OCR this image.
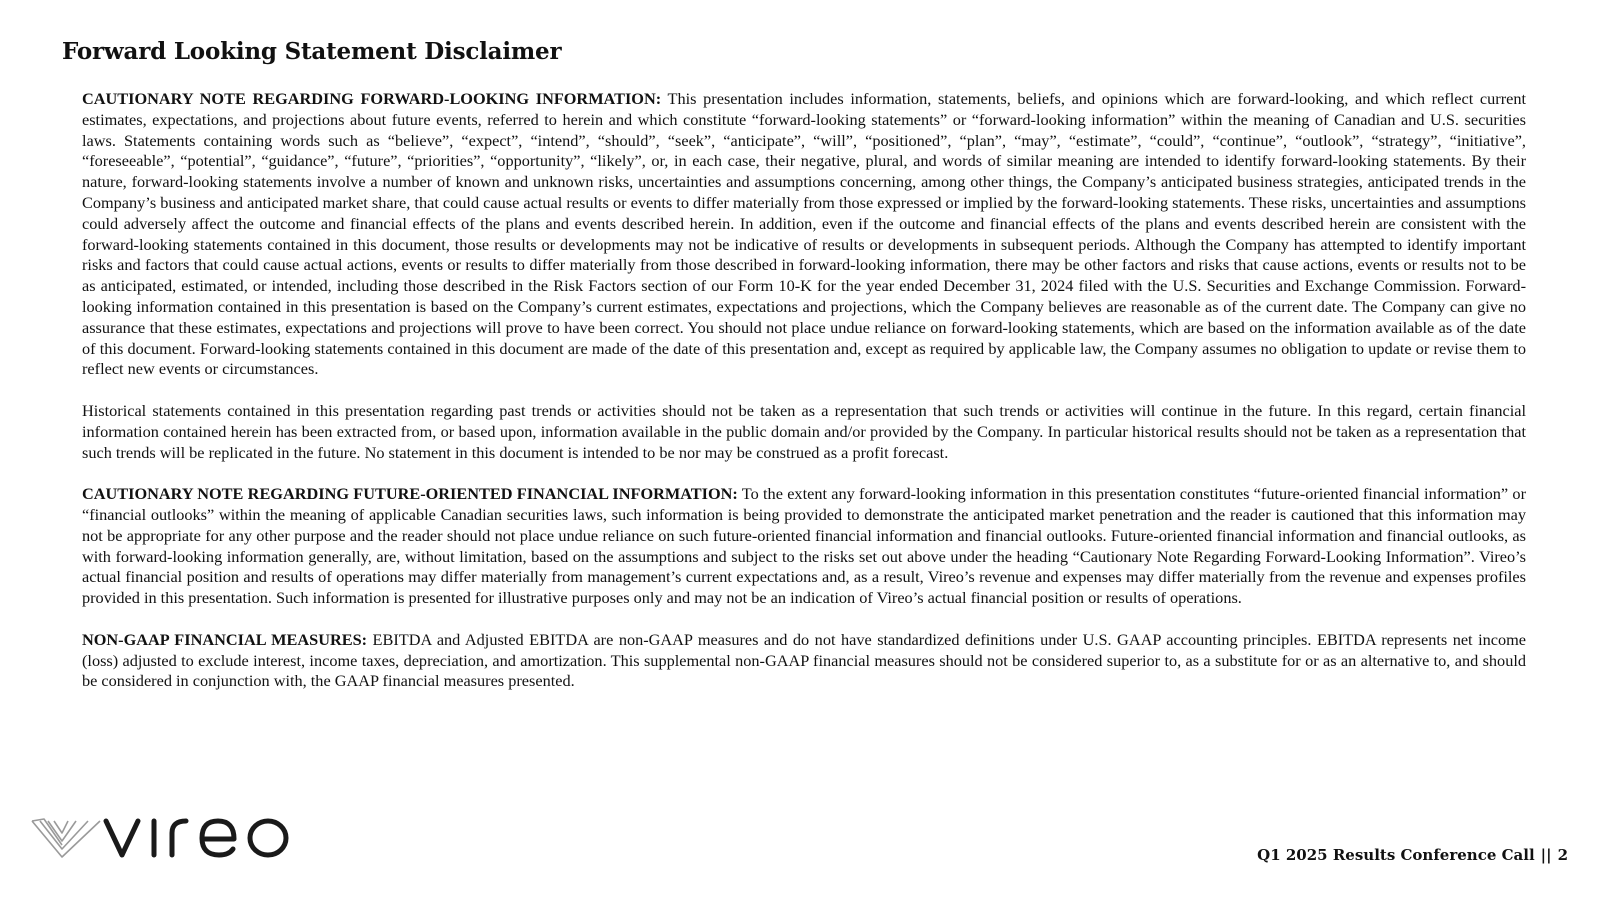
Forward Looking Statement Disclaimer

CAUTIONARY NOTE REGARDING FORWARD-LOOKING INFORMATION: This presentation includes information, statements, beliefs, and opinions which are forward-looking, and which reflect current estimates, expectations, and projections about future events, referred to herein and which constitute “forward-looking statements” or “forward-looking information” within the meaning of Canadian and U.S. securities laws. Statements containing words such as “believe”, “expect”, “intend”, “should”, “seek”, “anticipate”, “will”, “positioned”, “plan”, “may”, “estimate”, “could”, “continue”, “outlook”, “strategy”, “initiative”, “foreseeable”, “potential”, “guidance”, “future”, “priorities”, “opportunity”, “likely”, or, in each case, their negative, plural, and words of similar meaning are intended to identify forward-looking statements. By their nature, forward-looking statements involve a number of known and unknown risks, uncertainties and assumptions concerning, among other things, the Company’s anticipated business strategies, anticipated trends in the Company’s business and anticipated market share, that could cause actual results or events to differ materially from those expressed or implied by the forward-looking statements. These risks, uncertainties and assumptions could adversely affect the outcome and financial effects of the plans and events described herein. In addition, even if the outcome and financial effects of the plans and events described herein are consistent with the forward-looking statements contained in this document, those results or developments may not be indicative of results or developments in subsequent periods. Although the Company has attempted to identify important risks and factors that could cause actual actions, events or results to differ materially from those described in forward-looking information, there may be other factors and risks that cause actions, events or results not to be as anticipated, estimated, or intended, including those described in the Risk Factors section of our Form 10-K for the year ended December 31, 2024 filed with the U.S. Securities and Exchange Commission. Forward-looking information contained in this presentation is based on the Company’s current estimates, expectations and projections, which the Company believes are reasonable as of the current date. The Company can give no assurance that these estimates, expectations and projections will prove to have been correct. You should not place undue reliance on forward-looking statements, which are based on the information available as of the date of this document. Forward-looking statements contained in this document are made of the date of this presentation and, except as required by applicable law, the Company assumes no obligation to update or revise them to reflect new events or circumstances.

Historical statements contained in this presentation regarding past trends or activities should not be taken as a representation that such trends or activities will continue in the future. In this regard, certain financial information contained herein has been extracted from, or based upon, information available in the public domain and/or provided by the Company. In particular historical results should not be taken as a representation that such trends will be replicated in the future. No statement in this document is intended to be nor may be construed as a profit forecast.

CAUTIONARY NOTE REGARDING FUTURE-ORIENTED FINANCIAL INFORMATION: To the extent any forward-looking information in this presentation constitutes “future-oriented financial information” or “financial outlooks” within the meaning of applicable Canadian securities laws, such information is being provided to demonstrate the anticipated market penetration and the reader is cautioned that this information may not be appropriate for any other purpose and the reader should not place undue reliance on such future-oriented financial information and financial outlooks. Future-oriented financial information and financial outlooks, as with forward-looking information generally, are, without limitation, based on the assumptions and subject to the risks set out above under the heading “Cautionary Note Regarding Forward-Looking Information”. Vireo’s actual financial position and results of operations may differ materially from management’s current expectations and, as a result, Vireo’s revenue and expenses may differ materially from the revenue and expenses profiles provided in this presentation. Such information is presented for illustrative purposes only and may not be an indication of Vireo’s actual financial position or results of operations.

NON-GAAP FINANCIAL MEASURES: EBITDA and Adjusted EBITDA are non-GAAP measures and do not have standardized definitions under U.S. GAAP accounting principles. EBITDA represents net income (loss) adjusted to exclude interest, income taxes, depreciation, and amortization. This supplemental non-GAAP financial measures should not be considered superior to, as a substitute for or as an alternative to, and should be considered in conjunction with, the GAAP financial measures presented.

vireo
Q1 2025 Results Conference Call || 2
